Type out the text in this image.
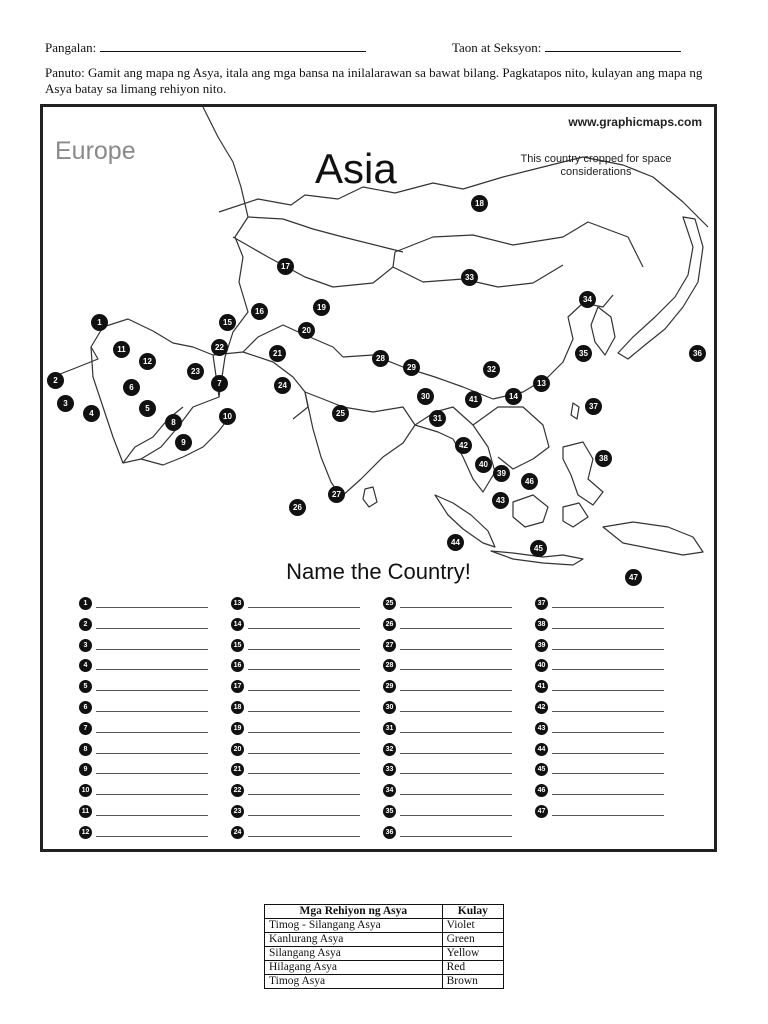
Pangalan:	Taon at Seksyon:
Panuto: Gamit ang mapa ng Asya, itala ang mga bansa na inilalarawan sa bawat bilang. Pagkatapos nito, kulayan ang mapa ng Asya batay sa limang rehiyon nito.
www.graphicmaps.com
Europe	Asia	This country cropped for space considerations
1
2
3
4
5
6	7
8
9
10
11
12
13
14
15
16
17
18
19
20
21
22
23
24
25
26
27
28
29
30
31
32
33
34
35	36
37
38
39
40
41
42
43
44
45
46
47
Name the Country!
1
2
3
4
5
6
7
8
9
10
11
12
13
14
15
16
17
18
19
20
21
22
23
24
25
26
27
28
29
30
31
32
33
34
35
36
37
38
39
40
41
42
43
44
45
46
47
Mga Rehiyon ng Asya	Kulay
Timog - Silangang Asya	Violet
Kanlurang Asya	Green
Silangang Asya	Yellow
Hilagang Asya	Red
Timog Asya	Brown
